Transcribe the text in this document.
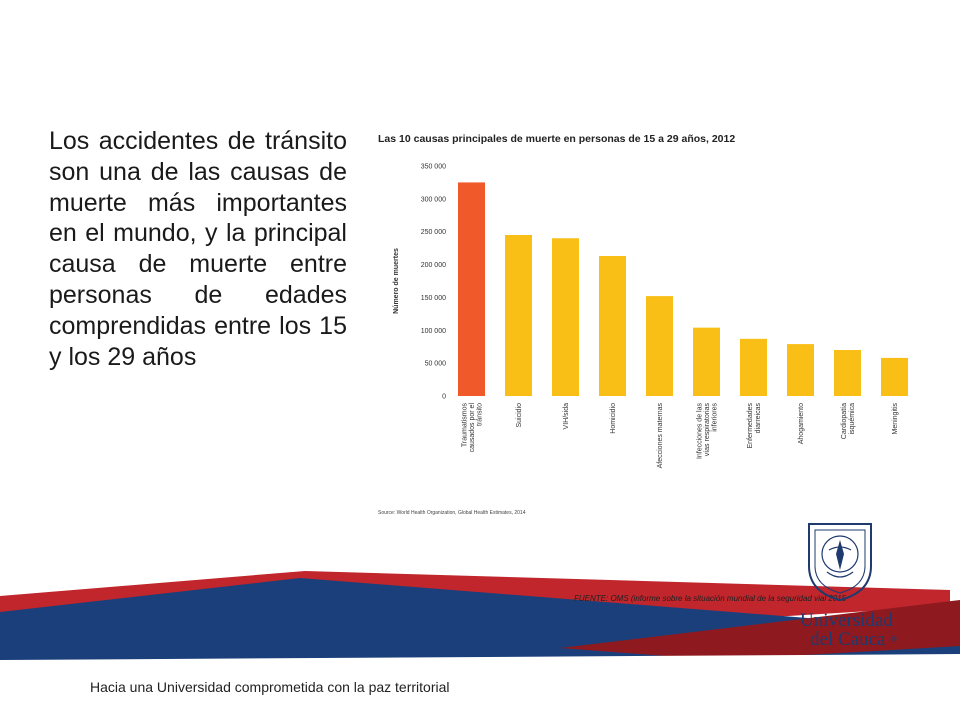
Los accidentes de tránsito son una de las causas de muerte más importantes en el mundo, y la principal causa de muerte entre personas de edades comprendidas entre los 15 y los 29 años
Las 10 causas principales de muerte en personas de 15 a 29 años, 2012
Número de muertes
0
50 000
100 000
150 000
200 000
250 000
300 000
350 000
Traumatismoscausados por eltránsito	Suicidio	VIH/sida	Homicidio	Afecciones maternas	Infecciones de lasvías respiratoriasinferiores	Enfermedadesdiarreicas	Ahogamiento	Cardiopatíaisquémica	Meningitis
Source: World Health Organization, Global Health Estimates, 2014
FUENTE: OMS (informe sobre la situación mundial de la seguridad vial 2015
Universidad
del Cauca ®
Hacia una Universidad comprometida con la paz territorial
